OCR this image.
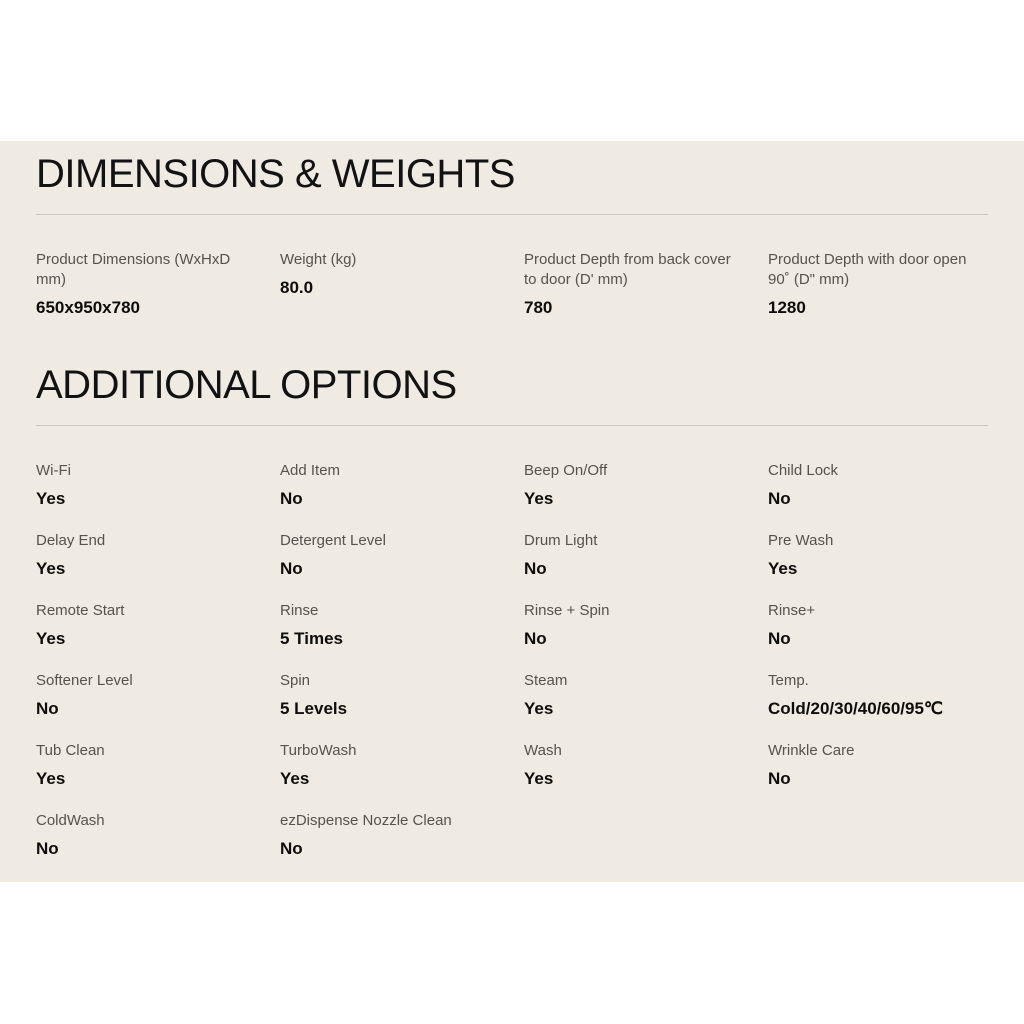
DIMENSIONS & WEIGHTS
Product Dimensions (WxHxD mm)
650x950x780
Weight (kg)
80.0
Product Depth from back cover to door (D' mm)
780
Product Depth with door open 90˚ (D" mm)
1280
ADDITIONAL OPTIONS
Wi-Fi
Yes
Add Item
No
Beep On/Off
Yes
Child Lock
No
Delay End
Yes
Detergent Level
No
Drum Light
No
Pre Wash
Yes
Remote Start
Yes
Rinse
5 Times
Rinse + Spin
No
Rinse+
No
Softener Level
No
Spin
5 Levels
Steam
Yes
Temp.
Cold/20/30/40/60/95℃
Tub Clean
Yes
TurboWash
Yes
Wash
Yes
Wrinkle Care
No
ColdWash
No
ezDispense Nozzle Clean
No
